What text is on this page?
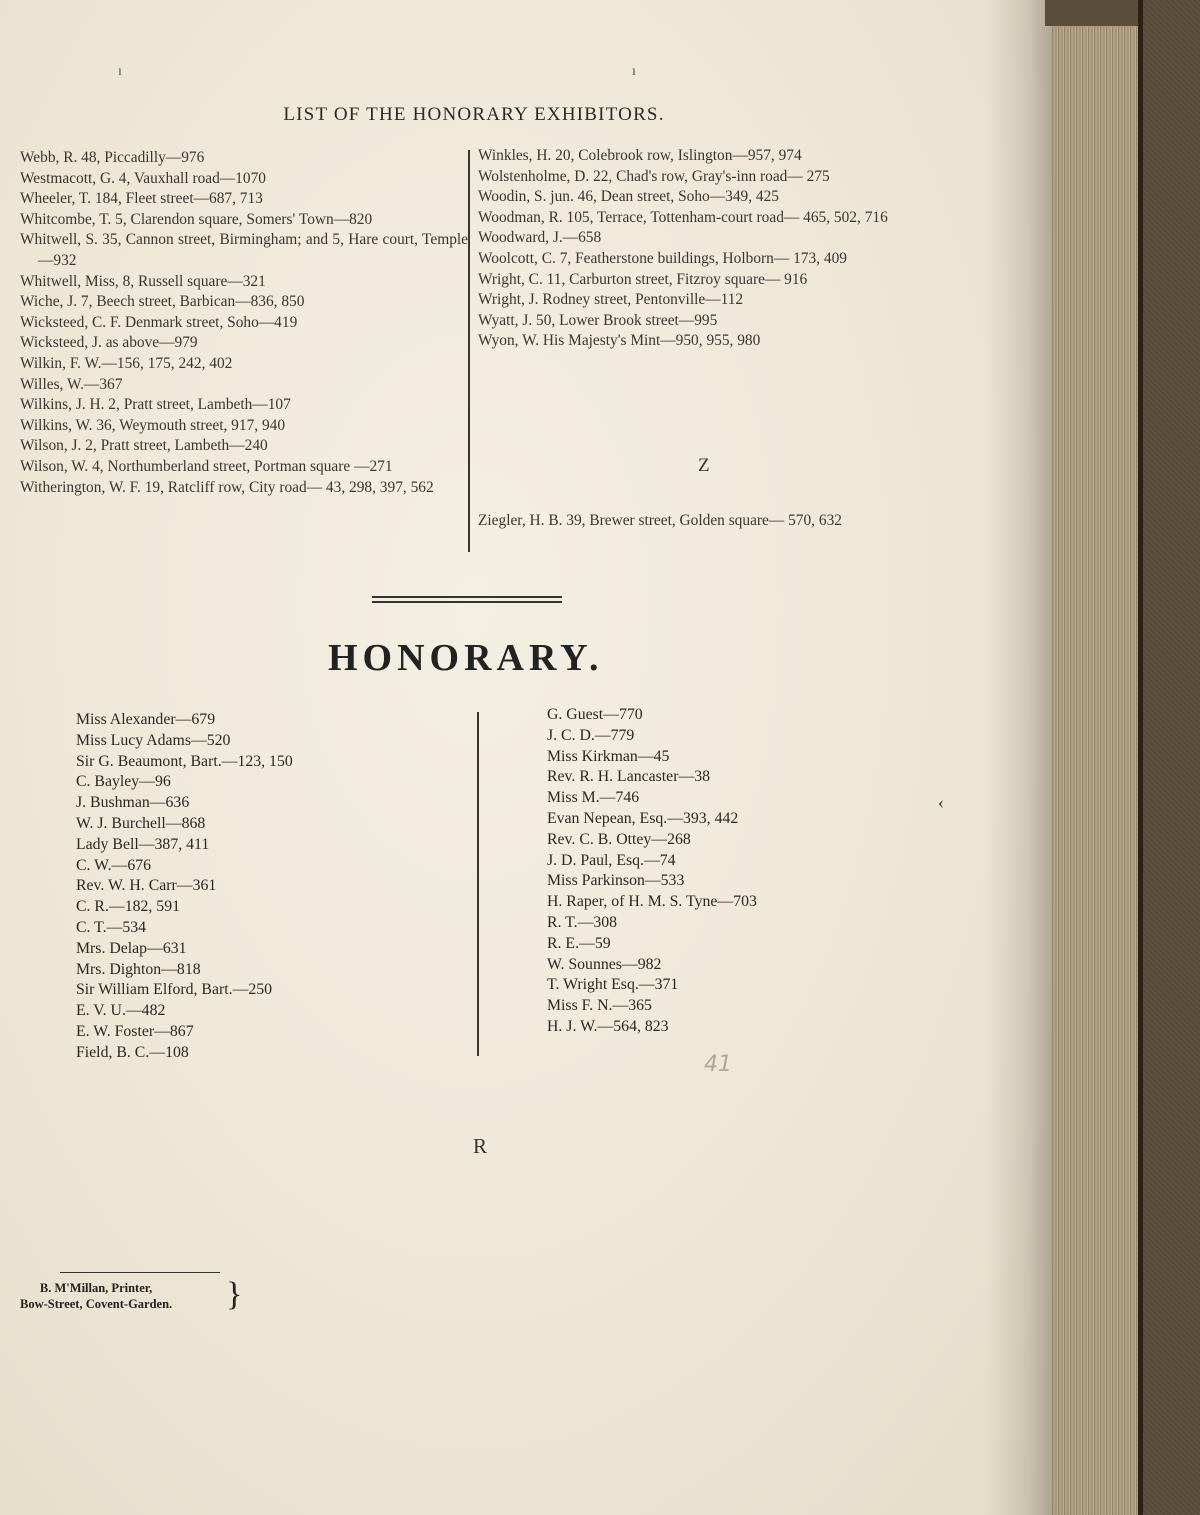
ı	ı
LIST OF THE HONORARY EXHIBITORS.
Webb, R. 48, Piccadilly—976
Westmacott, G. 4, Vauxhall road—1070
Wheeler, T. 184, Fleet street—687, 713
Whitcombe, T. 5, Clarendon square, Somers' Town—820
Whitwell, S. 35, Cannon street, Birmingham; and 5, Hare court, Temple—932
Whitwell, Miss, 8, Russell square—321
Wiche, J. 7, Beech street, Barbican—836, 850
Wicksteed, C. F. Denmark street, Soho—419
Wicksteed, J. as above—979
Wilkin, F. W.—156, 175, 242, 402
Willes, W.—367
Wilkins, J. H. 2, Pratt street, Lambeth—107
Wilkins, W. 36, Weymouth street, 917, 940
Wilson, J. 2, Pratt street, Lambeth—240
Wilson, W. 4, Northumberland street, Portman square —271
Witherington, W. F. 19, Ratcliff row, City road— 43, 298, 397, 562
Winkles, H. 20, Colebrook row, Islington—957, 974
Wolstenholme, D. 22, Chad's row, Gray's-inn road— 275
Woodin, S. jun. 46, Dean street, Soho—349, 425
Woodman, R. 105, Terrace, Tottenham-court road— 465, 502, 716
Woodward, J.—658
Woolcott, C. 7, Featherstone buildings, Holborn— 173, 409
Wright, C. 11, Carburton street, Fitzroy square— 916
Wright, J. Rodney street, Pentonville—112
Wyatt, J. 50, Lower Brook street—995
Wyon, W. His Majesty's Mint—950, 955, 980
Z
Ziegler, H. B. 39, Brewer street, Golden square— 570, 632
HONORARY.
Miss Alexander—679
Miss Lucy Adams—520
Sir G. Beaumont, Bart.—123, 150
C. Bayley—96
J. Bushman—636
W. J. Burchell—868
Lady Bell—387, 411
C. W.—676
Rev. W. H. Carr—361
C. R.—182, 591
C. T.—534
Mrs. Delap—631
Mrs. Dighton—818
Sir William Elford, Bart.—250
E. V. U.—482
E. W. Foster—867
Field, B. C.—108
G. Guest—770
J. C. D.—779
Miss Kirkman—45
Rev. R. H. Lancaster—38
Miss M.—746
Evan Nepean, Esq.—393, 442
Rev. C. B. Ottey—268
J. D. Paul, Esq.—74
Miss Parkinson—533
H. Raper, of H. M. S. Tyne—703
R. T.—308
R. E.—59
W. Sounnes—982
T. Wright Esq.—371
Miss F. N.—365
H. J. W.—564, 823
‹
41
R
B. M'Millan, Printer,
Bow-Street, Covent-Garden. }
